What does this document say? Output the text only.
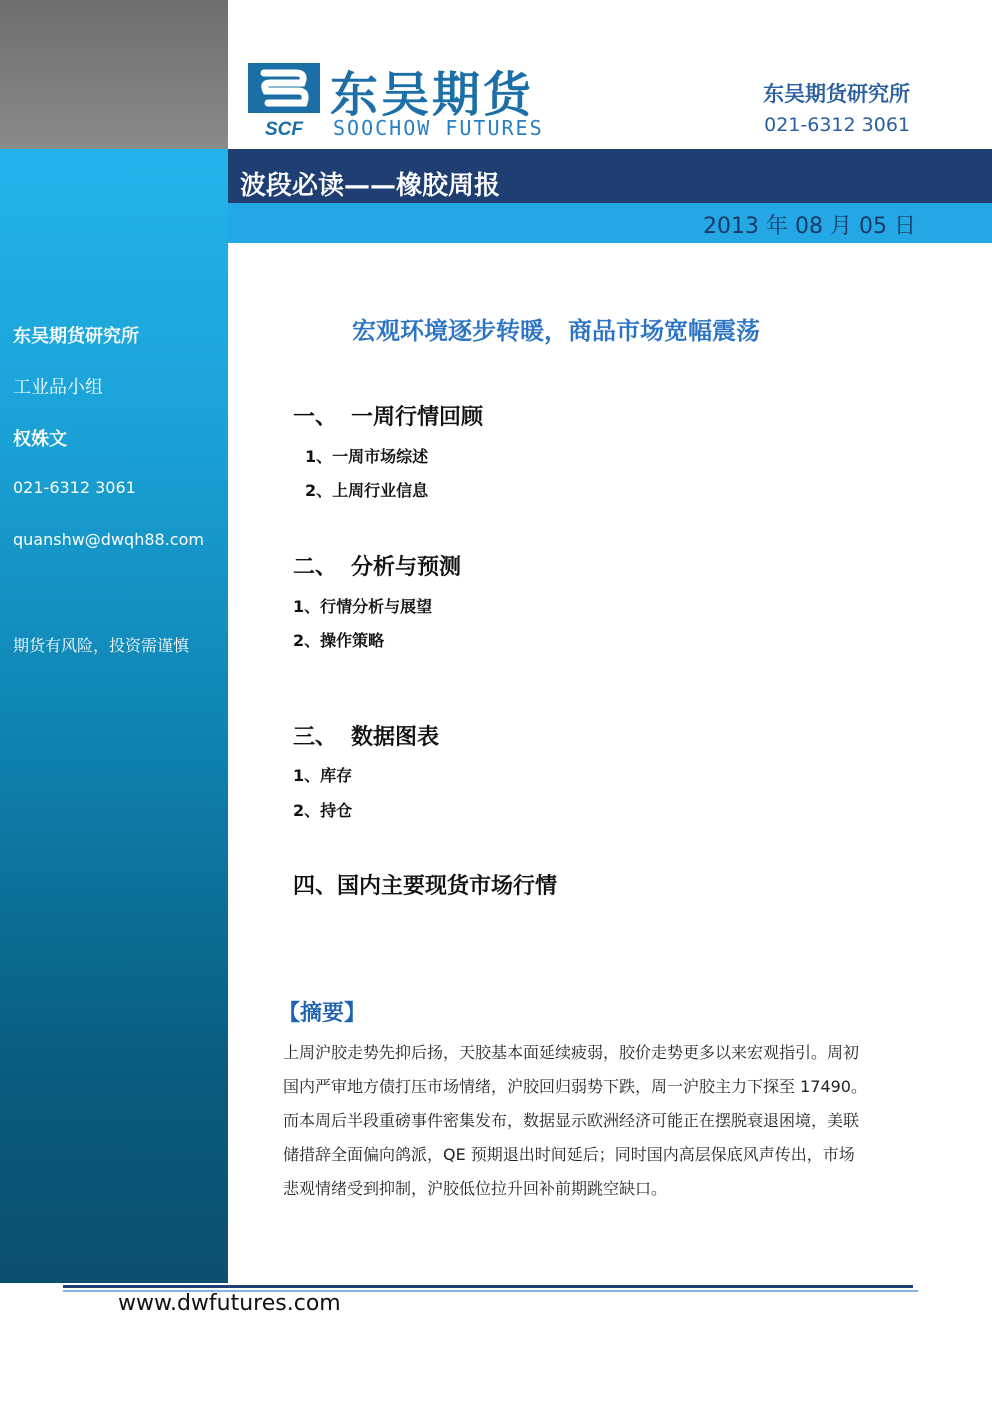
东吴期货研究所
工业品小组
权姝文
021-6312 3061
quanshw@dwqh88.com
期货有风险，投资需谨慎
SCF
东吴期货
SOOCHOW FUTURES
东吴期货研究所
021-6312 3061
波段必读——橡胶周报
2013 年 08 月 05 日
宏观环境逐步转暖，商品市场宽幅震荡
一、 一周行情回顾
1、一周市场综述
2、上周行业信息
二、 分析与预测
1、行情分析与展望
2、操作策略
三、 数据图表
1、库存
2、持仓
四、国内主要现货市场行情
【摘要】
上周沪胶走势先抑后扬，天胶基本面延续疲弱，胶价走势更多以来宏观指引。周初
国内严审地方债打压市场情绪，沪胶回归弱势下跌，周一沪胶主力下探至 17490。
而本周后半段重磅事件密集发布，数据显示欧洲经济可能正在摆脱衰退困境，美联
储措辞全面偏向鸽派，QE 预期退出时间延后；同时国内高层保底风声传出，市场
悲观情绪受到抑制，沪胶低位拉升回补前期跳空缺口。
www.dwfutures.com
